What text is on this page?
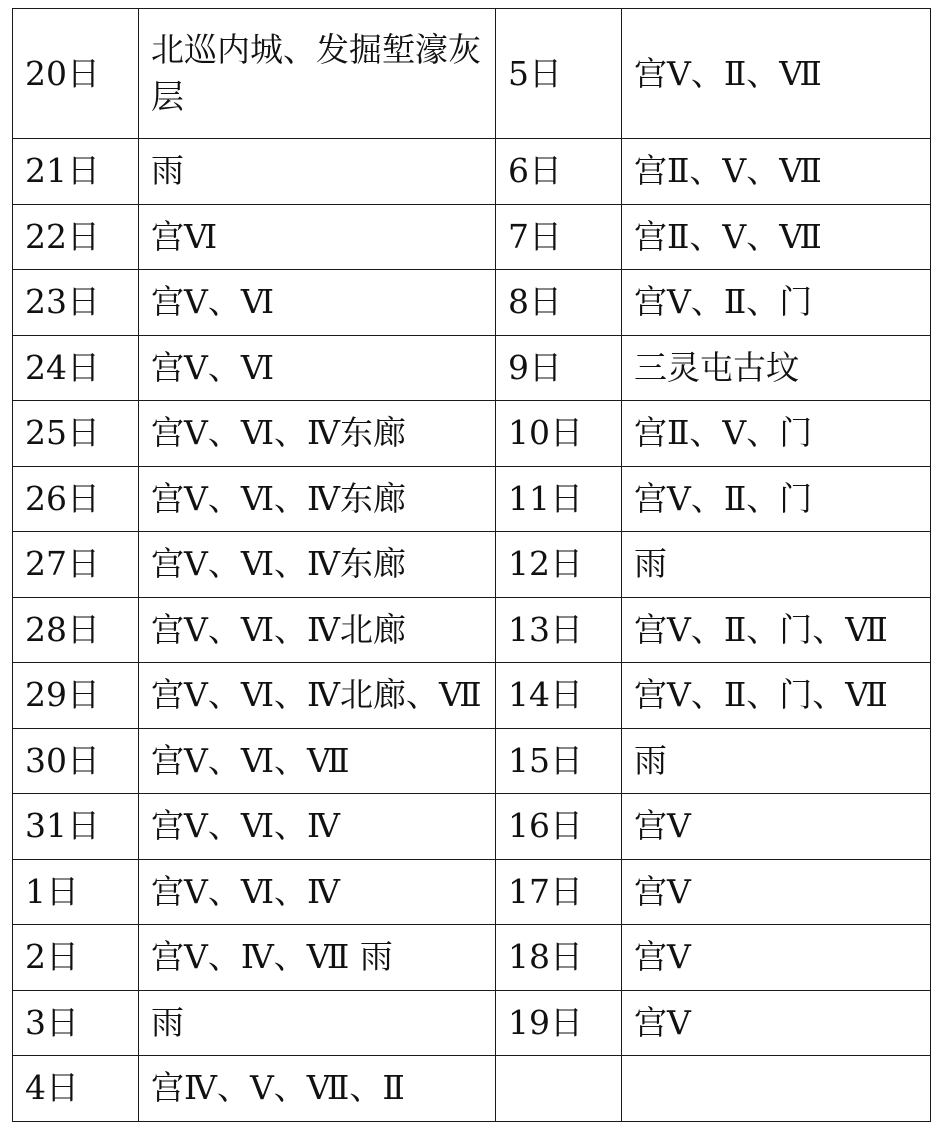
20日	北巡内城、发掘堑濠灰层	5日	宫Ⅴ、Ⅱ、Ⅶ
21日	雨	6日	宫Ⅱ、Ⅴ、Ⅶ
22日	宫Ⅵ	7日	宫Ⅱ、Ⅴ、Ⅶ
23日	宫Ⅴ、Ⅵ	8日	宫Ⅴ、Ⅱ、门
24日	宫Ⅴ、Ⅵ	9日	三灵屯古坟
25日	宫Ⅴ、Ⅵ、Ⅳ东廊	10日	宫Ⅱ、Ⅴ、门
26日	宫Ⅴ、Ⅵ、Ⅳ东廊	11日	宫Ⅴ、Ⅱ、门
27日	宫Ⅴ、Ⅵ、Ⅳ东廊	12日	雨
28日	宫Ⅴ、Ⅵ、Ⅳ北廊	13日	宫Ⅴ、Ⅱ、门、Ⅶ
29日	宫Ⅴ、Ⅵ、Ⅳ北廊、Ⅶ	14日	宫Ⅴ、Ⅱ、门、Ⅶ
30日	宫Ⅴ、Ⅵ、Ⅶ	15日	雨
31日	宫Ⅴ、Ⅵ、Ⅳ	16日	宫Ⅴ
1日	宫Ⅴ、Ⅵ、Ⅳ	17日	宫Ⅴ
2日	宫Ⅴ、Ⅳ、Ⅶ 雨	18日	宫Ⅴ
3日	雨	19日	宫Ⅴ
4日	宫Ⅳ、Ⅴ、Ⅶ、Ⅱ		
